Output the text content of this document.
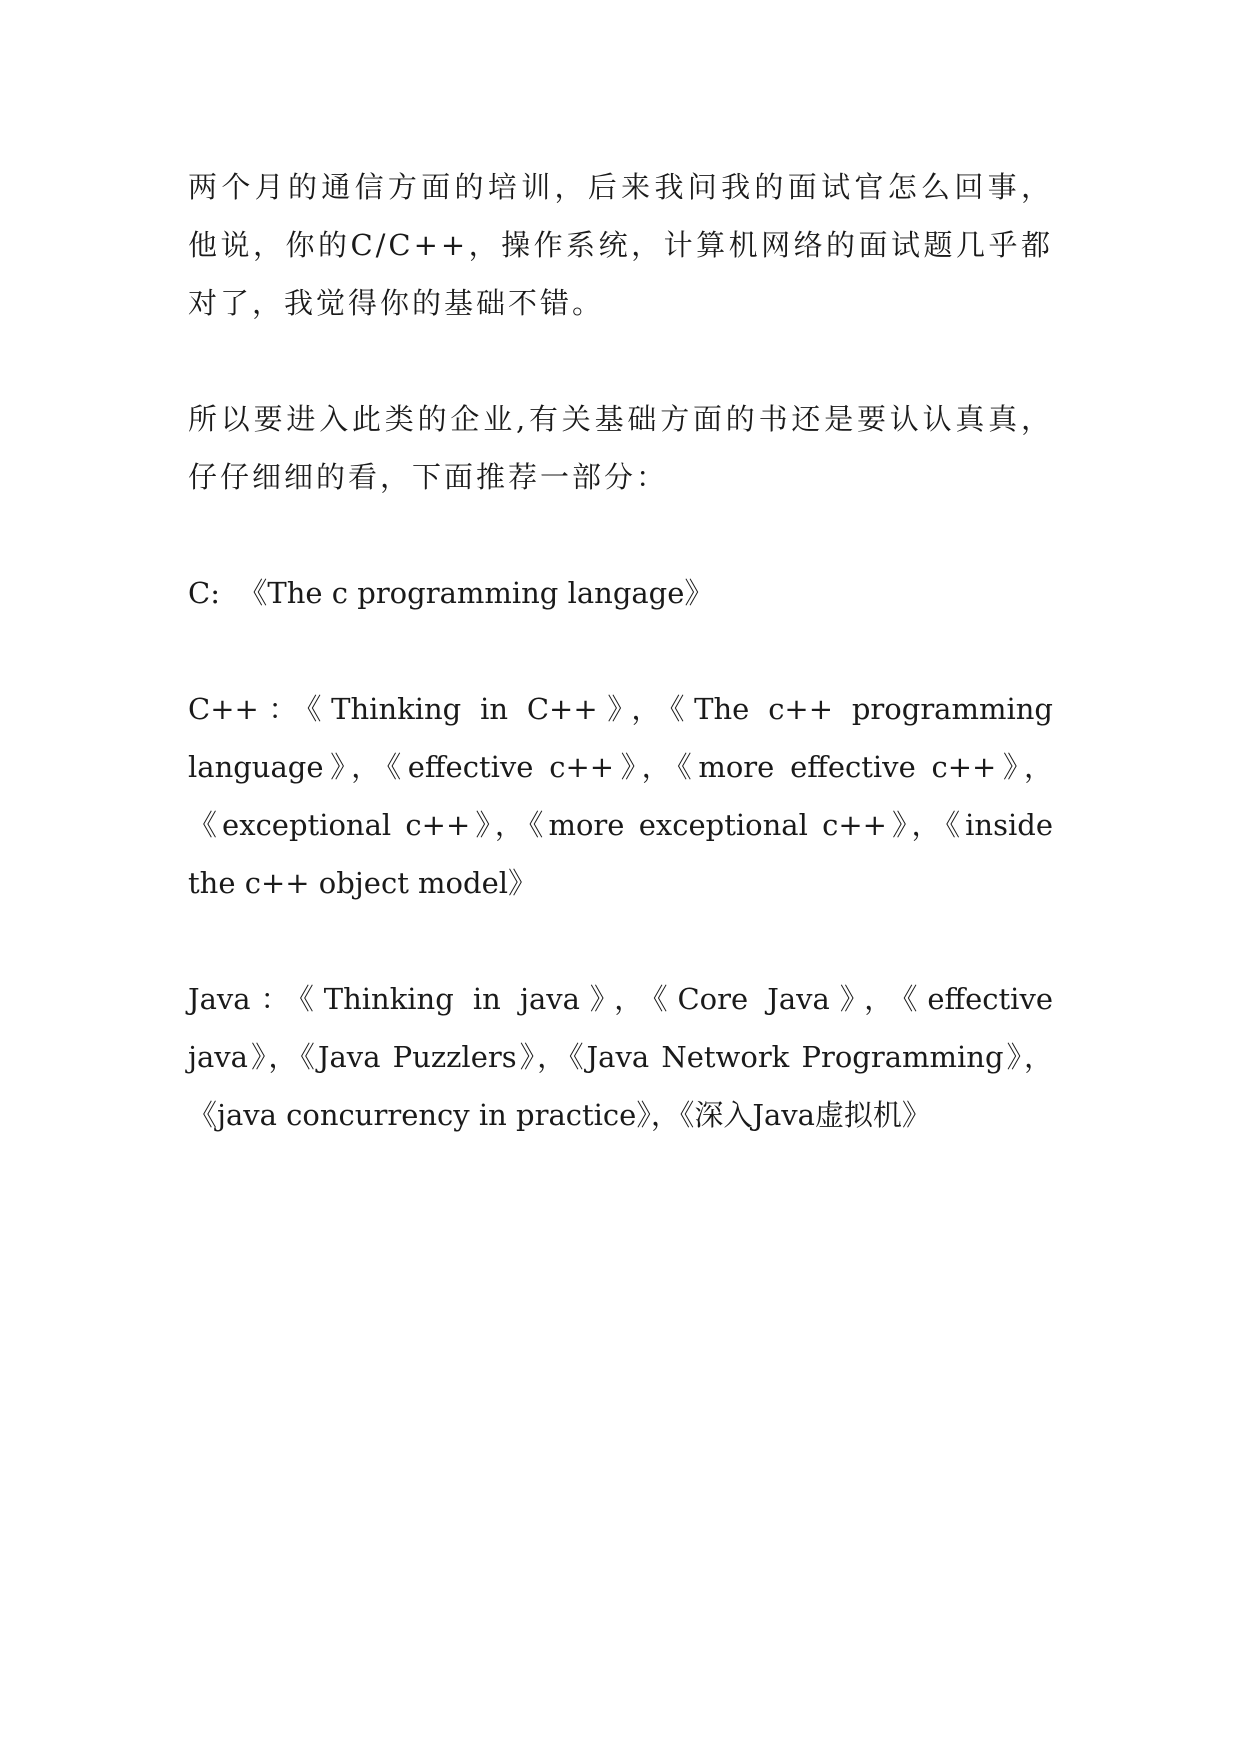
两个月的通信方面的培训，后来我问我的面试官怎么回事，
他说，你的C/C++，操作系统，计算机网络的面试题几乎都
对了，我觉得你的基础不错。
所以要进入此类的企业,有关基础方面的书还是要认认真真，
仔仔细细的看，下面推荐一部分：
C:  《The c programming langage》
C++：《Thinking in C++》，《The c++ programming
language》，《effective c++》，《more effective c++》，
《exceptional c++》，《more exceptional c++》，《inside
the c++ object model》
Java：《Thinking in java》，《Core Java》，《effective
java》，《Java Puzzlers》，《Java Network Programming》，
《java concurrency in practice》，《深入Java虚拟机》
